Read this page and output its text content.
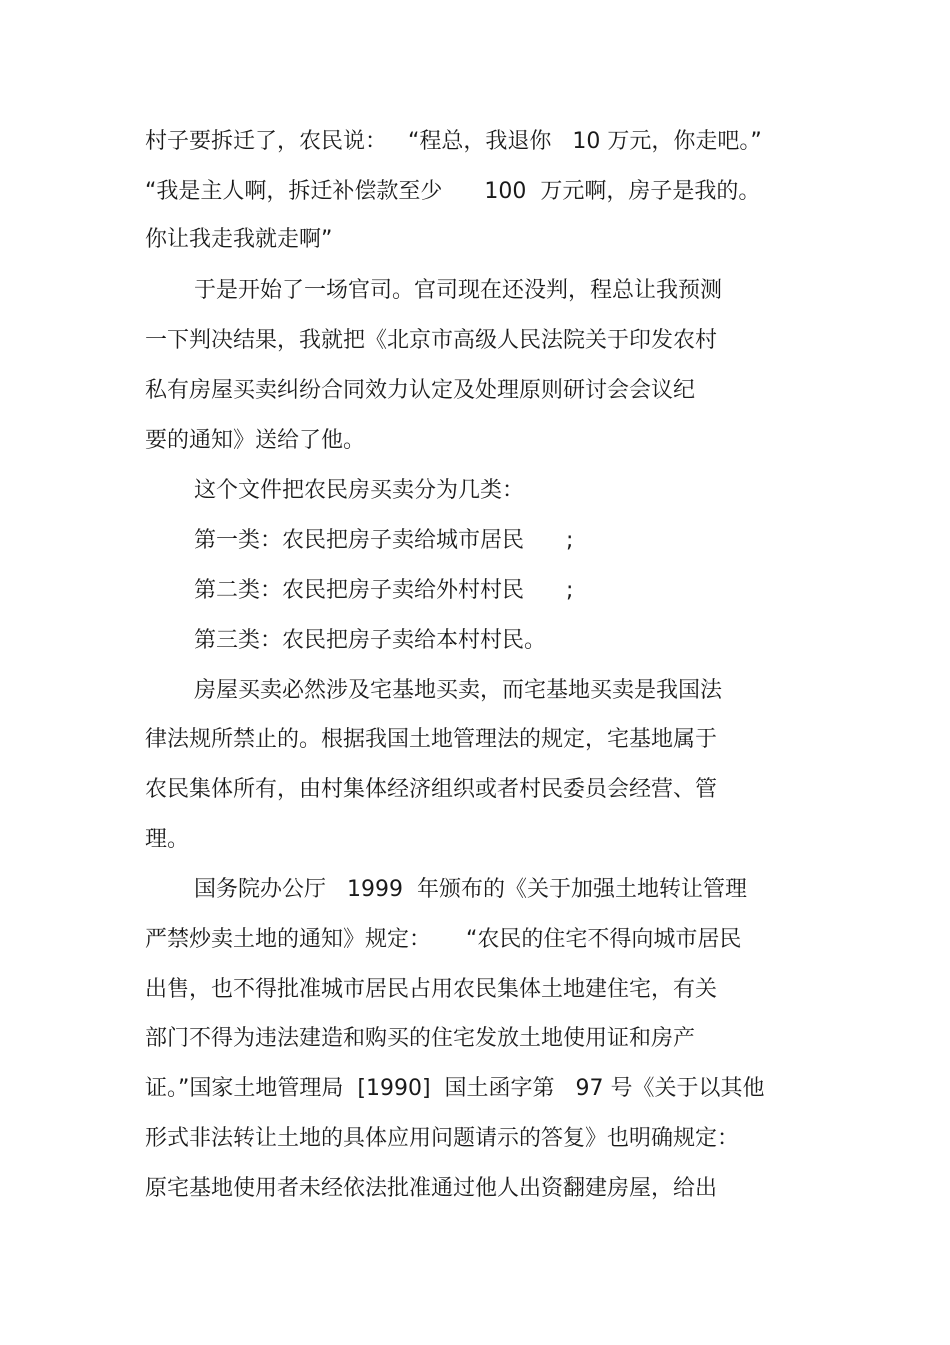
村子要拆迁了，农民说：   “程总，我退你   10 万元，你走吧。”
“我是主人啊，拆迁补偿款至少      100  万元啊，房子是我的。
你让我走我就走啊”
于是开始了一场官司。官司现在还没判，程总让我预测
一下判决结果，我就把《北京市高级人民法院关于印发农村
私有房屋买卖纠纷合同效力认定及处理原则研讨会会议纪
要的通知》送给了他。
这个文件把农民房买卖分为几类：
第一类：农民把房子卖给城市居民      ;
第二类：农民把房子卖给外村村民      ;
第三类：农民把房子卖给本村村民。
房屋买卖必然涉及宅基地买卖，而宅基地买卖是我国法
律法规所禁止的。根据我国土地管理法的规定，宅基地属于
农民集体所有，由村集体经济组织或者村民委员会经营、管
理。
国务院办公厅   1999  年颁布的《关于加强土地转让管理
严禁炒卖土地的通知》规定：     “农民的住宅不得向城市居民
出售，也不得批准城市居民占用农民集体土地建住宅，有关
部门不得为违法建造和购买的住宅发放土地使用证和房产
证。”国家土地管理局  [1990]  国土函字第   97 号《关于以其他
形式非法转让土地的具体应用问题请示的答复》也明确规定：
原宅基地使用者未经依法批准通过他人出资翻建房屋，给出
